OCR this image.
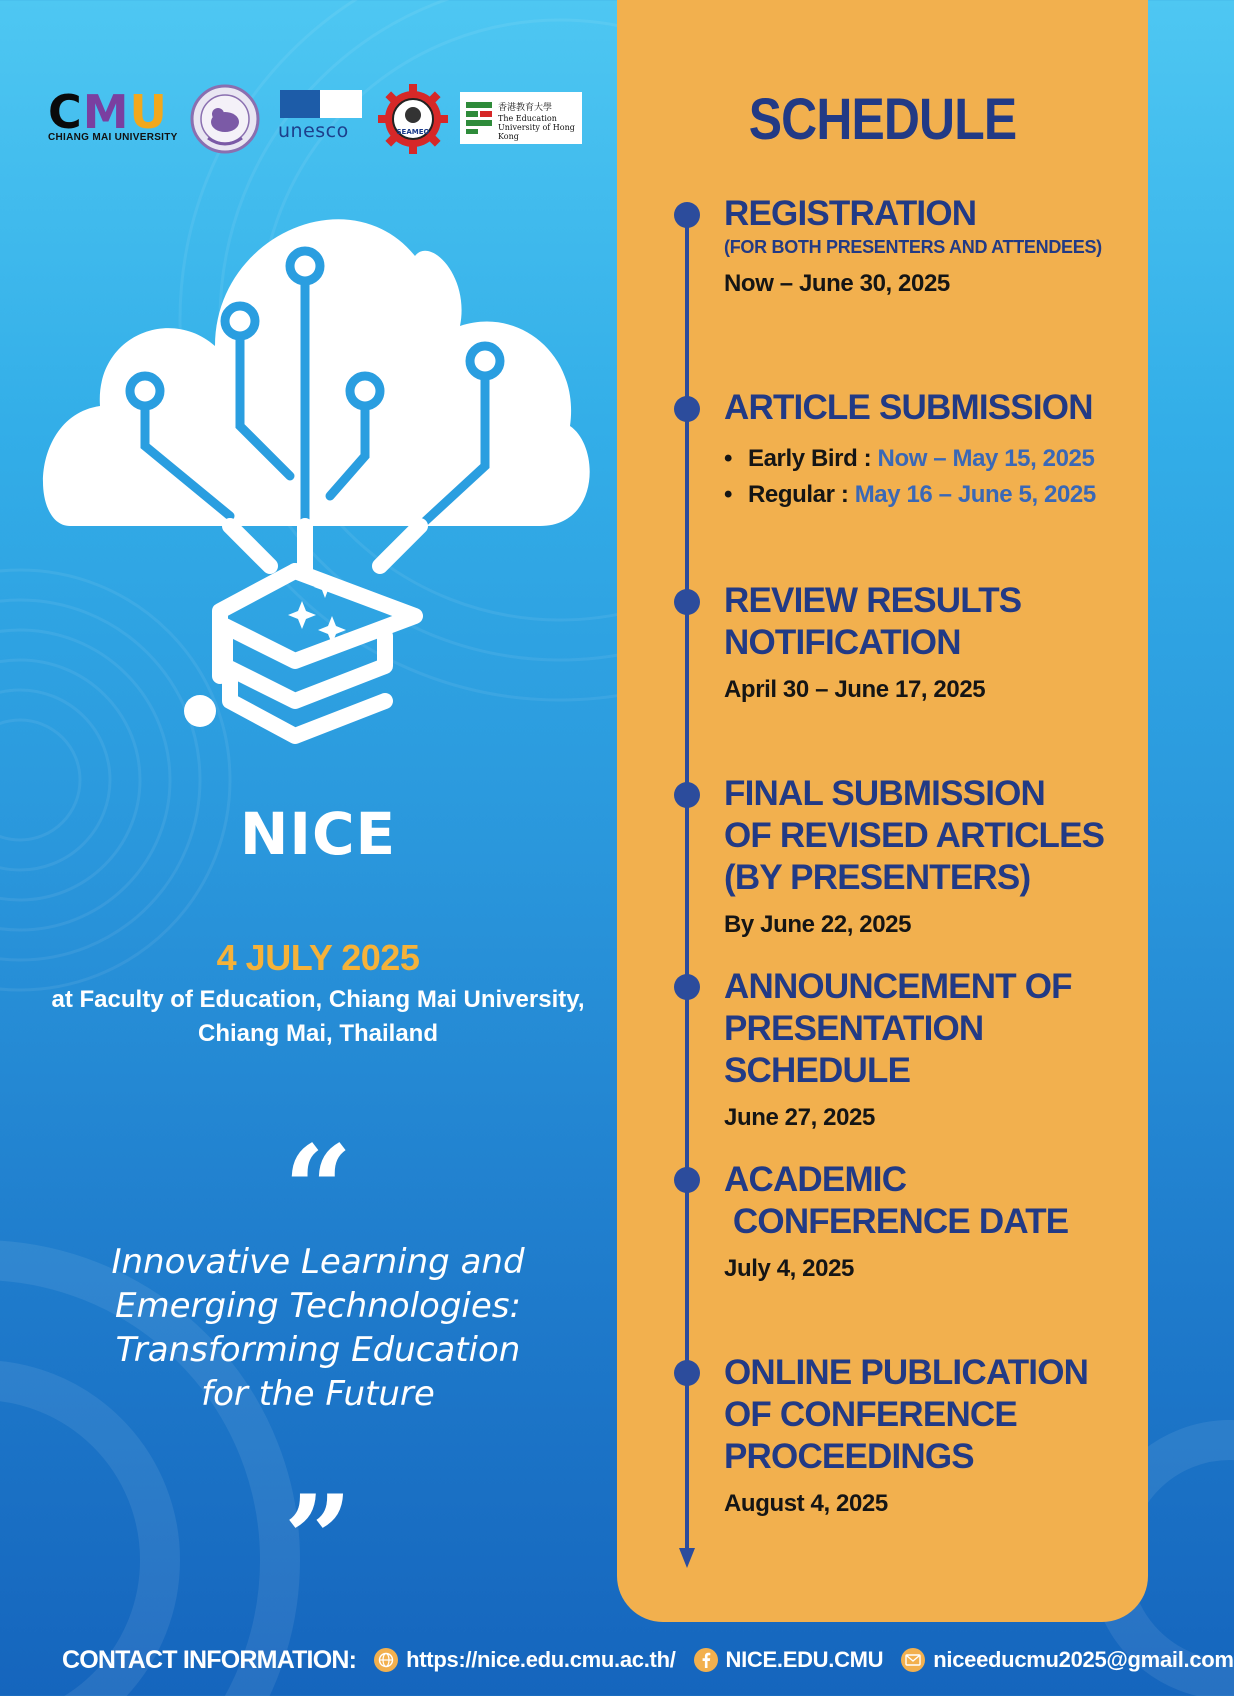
CMU
CHIANG MAI UNIVERSITY	unesco	SEAMEO
香港教育大學
The Education University of Hong Kong
NICE
4 JULY 2025
at Faculty of Education, Chiang Mai University,
Chiang Mai, Thailand
“
Innovative Learning and
Emerging Technologies:
Transforming Education
for the Future
”
SCHEDULE
REGISTRATION
(FOR BOTH PRESENTERS AND ATTENDEES)
Now – June 30, 2025
ARTICLE SUBMISSION
• Early Bird : Now – May 15, 2025
• Regular : May 16 – June 5, 2025
REVIEW RESULTS
NOTIFICATION
April 30 – June 17, 2025
FINAL SUBMISSION
OF REVISED ARTICLES
(BY PRESENTERS)
By June 22, 2025
ANNOUNCEMENT OF
PRESENTATION SCHEDULE
June 27, 2025
ACADEMIC
CONFERENCE DATE
July 4, 2025
ONLINE PUBLICATION
OF CONFERENCE
PROCEEDINGS
August 4, 2025
CONTACT INFORMATION: https://nice.edu.cmu.ac.th/ NICE.EDU.CMU niceeducmu2025@gmail.com
